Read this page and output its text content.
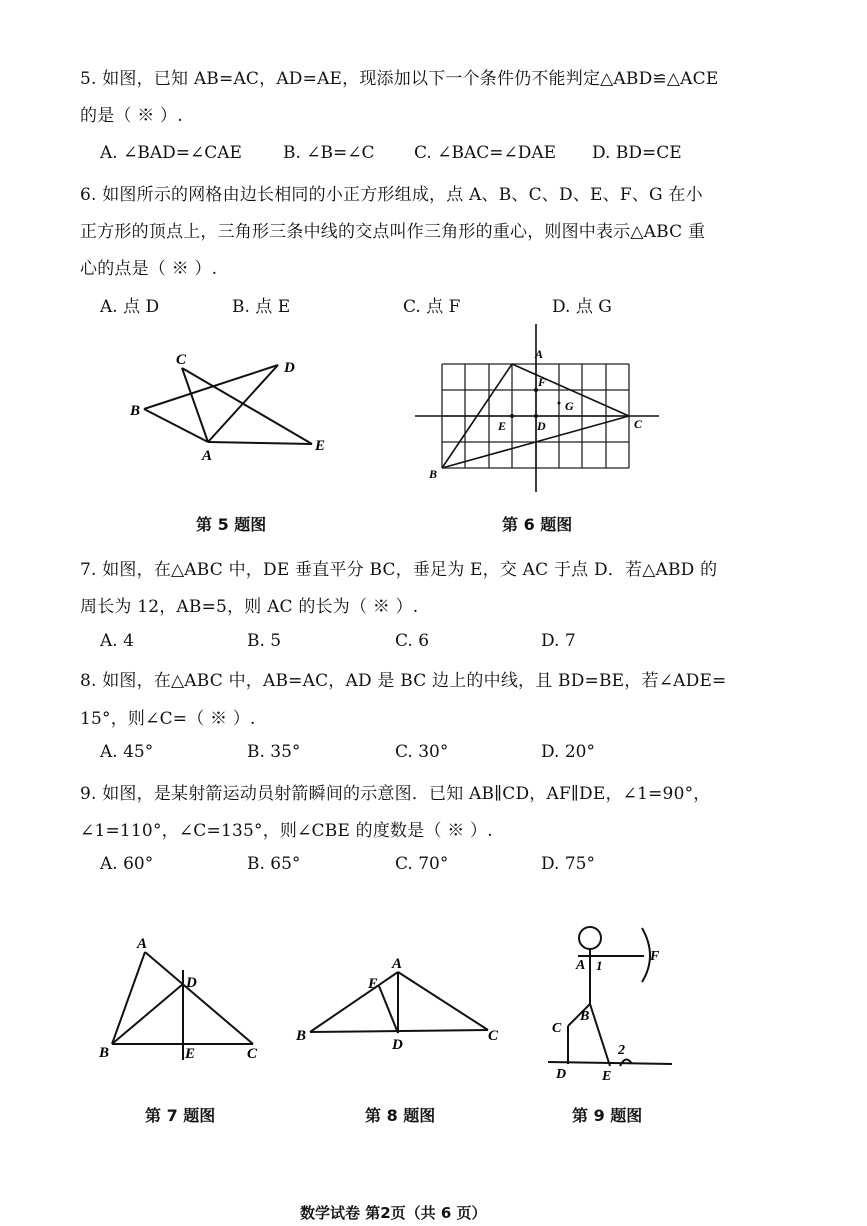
5. 如图，已知 AB=AC，AD=AE，现添加以下一个条件仍不能判定△ABD≌△ACE
的是（ ※ ）.
A. ∠BAD=∠CAE B. ∠B=∠C C. ∠BAC=∠DAE D. BD=CE
6. 如图所示的网格由边长相同的小正方形组成，点 A、B、C、D、E、F、G 在小
正方形的顶点上，三角形三条中线的交点叫作三角形的重心，则图中表示△ABC 重
心的点是（ ※ ）.
A. 点 D	B. 点 E	C. 点 F	D. 点 G
C	D
B
A
E
第 5 题图
A
F
G
E	D	C
B
第 6 题图
7. 如图，在△ABC 中，DE 垂直平分 BC，垂足为 E，交 AC 于点 D．若△ABD 的
周长为 12，AB=5，则 AC 的长为（ ※ ）.
A. 4	B. 5	C. 6	D. 7
8. 如图，在△ABC 中，AB=AC，AD 是 BC 边上的中线，且 BD=BE，若∠ADE=
15°，则∠C=（ ※ ）.
A. 45°	B. 35°	C. 30°	D. 20°
9. 如图，是某射箭运动员射箭瞬间的示意图．已知 AB∥CD，AF∥DE，∠1=90°，
∠1=110°，∠C=135°，则∠CBE 的度数是（ ※ ）.
A. 60°	B. 65°	C. 70°	D. 75°
A
D
B	E	C
第 7 题图
A
E
B
D
C
第 8 题图
A 1
F
B
C
2
D	E
第 9 题图
数学试卷 第2页（共 6 页）
